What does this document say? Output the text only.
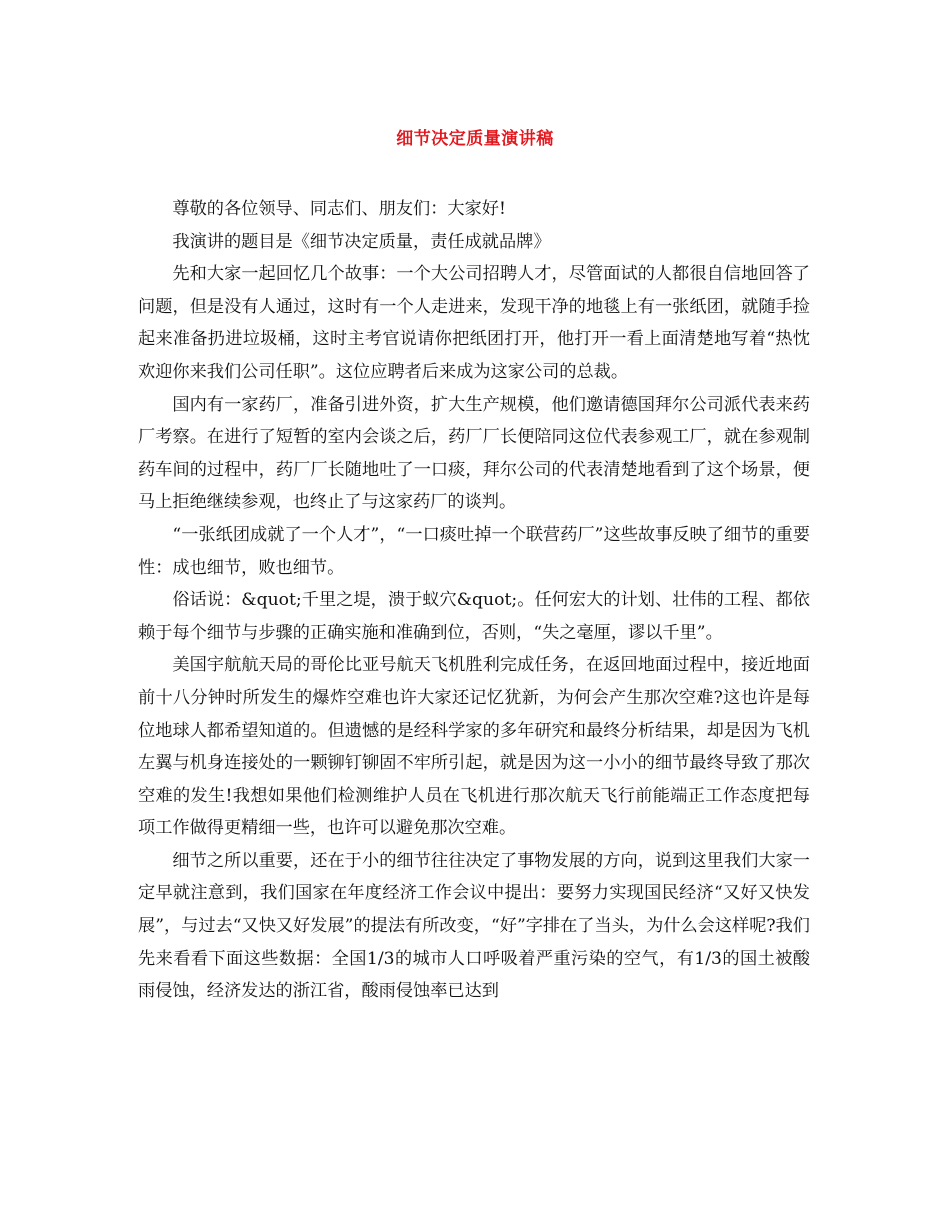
细节决定质量演讲稿

尊敬的各位领导、同志们、朋友们：大家好!

我演讲的题目是《细节决定质量，责任成就品牌》

先和大家一起回忆几个故事：一个大公司招聘人才，尽管面试的人都很自信地回答了问题，但是没有人通过，这时有一个人走进来，发现干净的地毯上有一张纸团，就随手捡起来准备扔进垃圾桶，这时主考官说请你把纸团打开，他打开一看上面清楚地写着“热忱欢迎你来我们公司任职”。这位应聘者后来成为这家公司的总裁。

国内有一家药厂，准备引进外资，扩大生产规模，他们邀请德国拜尔公司派代表来药厂考察。在进行了短暂的室内会谈之后，药厂厂长便陪同这位代表参观工厂，就在参观制药车间的过程中，药厂厂长随地吐了一口痰，拜尔公司的代表清楚地看到了这个场景，便马上拒绝继续参观，也终止了与这家药厂的谈判。

“一张纸团成就了一个人才”，“一口痰吐掉一个联营药厂”这些故事反映了细节的重要性：成也细节，败也细节。

俗话说：&quot;千里之堤，溃于蚁穴&quot;。任何宏大的计划、壮伟的工程、都依赖于每个细节与步骤的正确实施和准确到位，否则，“失之毫厘，谬以千里”。

美国宇航航天局的哥伦比亚号航天飞机胜利完成任务，在返回地面过程中，接近地面前十八分钟时所发生的爆炸空难也许大家还记忆犹新，为何会产生那次空难?这也许是每位地球人都希望知道的。但遗憾的是经科学家的多年研究和最终分析结果，却是因为飞机左翼与机身连接处的一颗铆钉铆固不牢所引起，就是因为这一小小的细节最终导致了那次空难的发生!我想如果他们检测维护人员在飞机进行那次航天飞行前能端正工作态度把每项工作做得更精细一些，也许可以避免那次空难。

细节之所以重要，还在于小的细节往往决定了事物发展的方向，说到这里我们大家一定早就注意到，我们国家在年度经济工作会议中提出：要努力实现国民经济“又好又快发展”，与过去“又快又好发展”的提法有所改变，“好”字排在了当头，为什么会这样呢?我们先来看看下面这些数据：全国1/3的城市人口呼吸着严重污染的空气，有1/3的国土被酸雨侵蚀，经济发达的浙江省，酸雨侵蚀率已达到
